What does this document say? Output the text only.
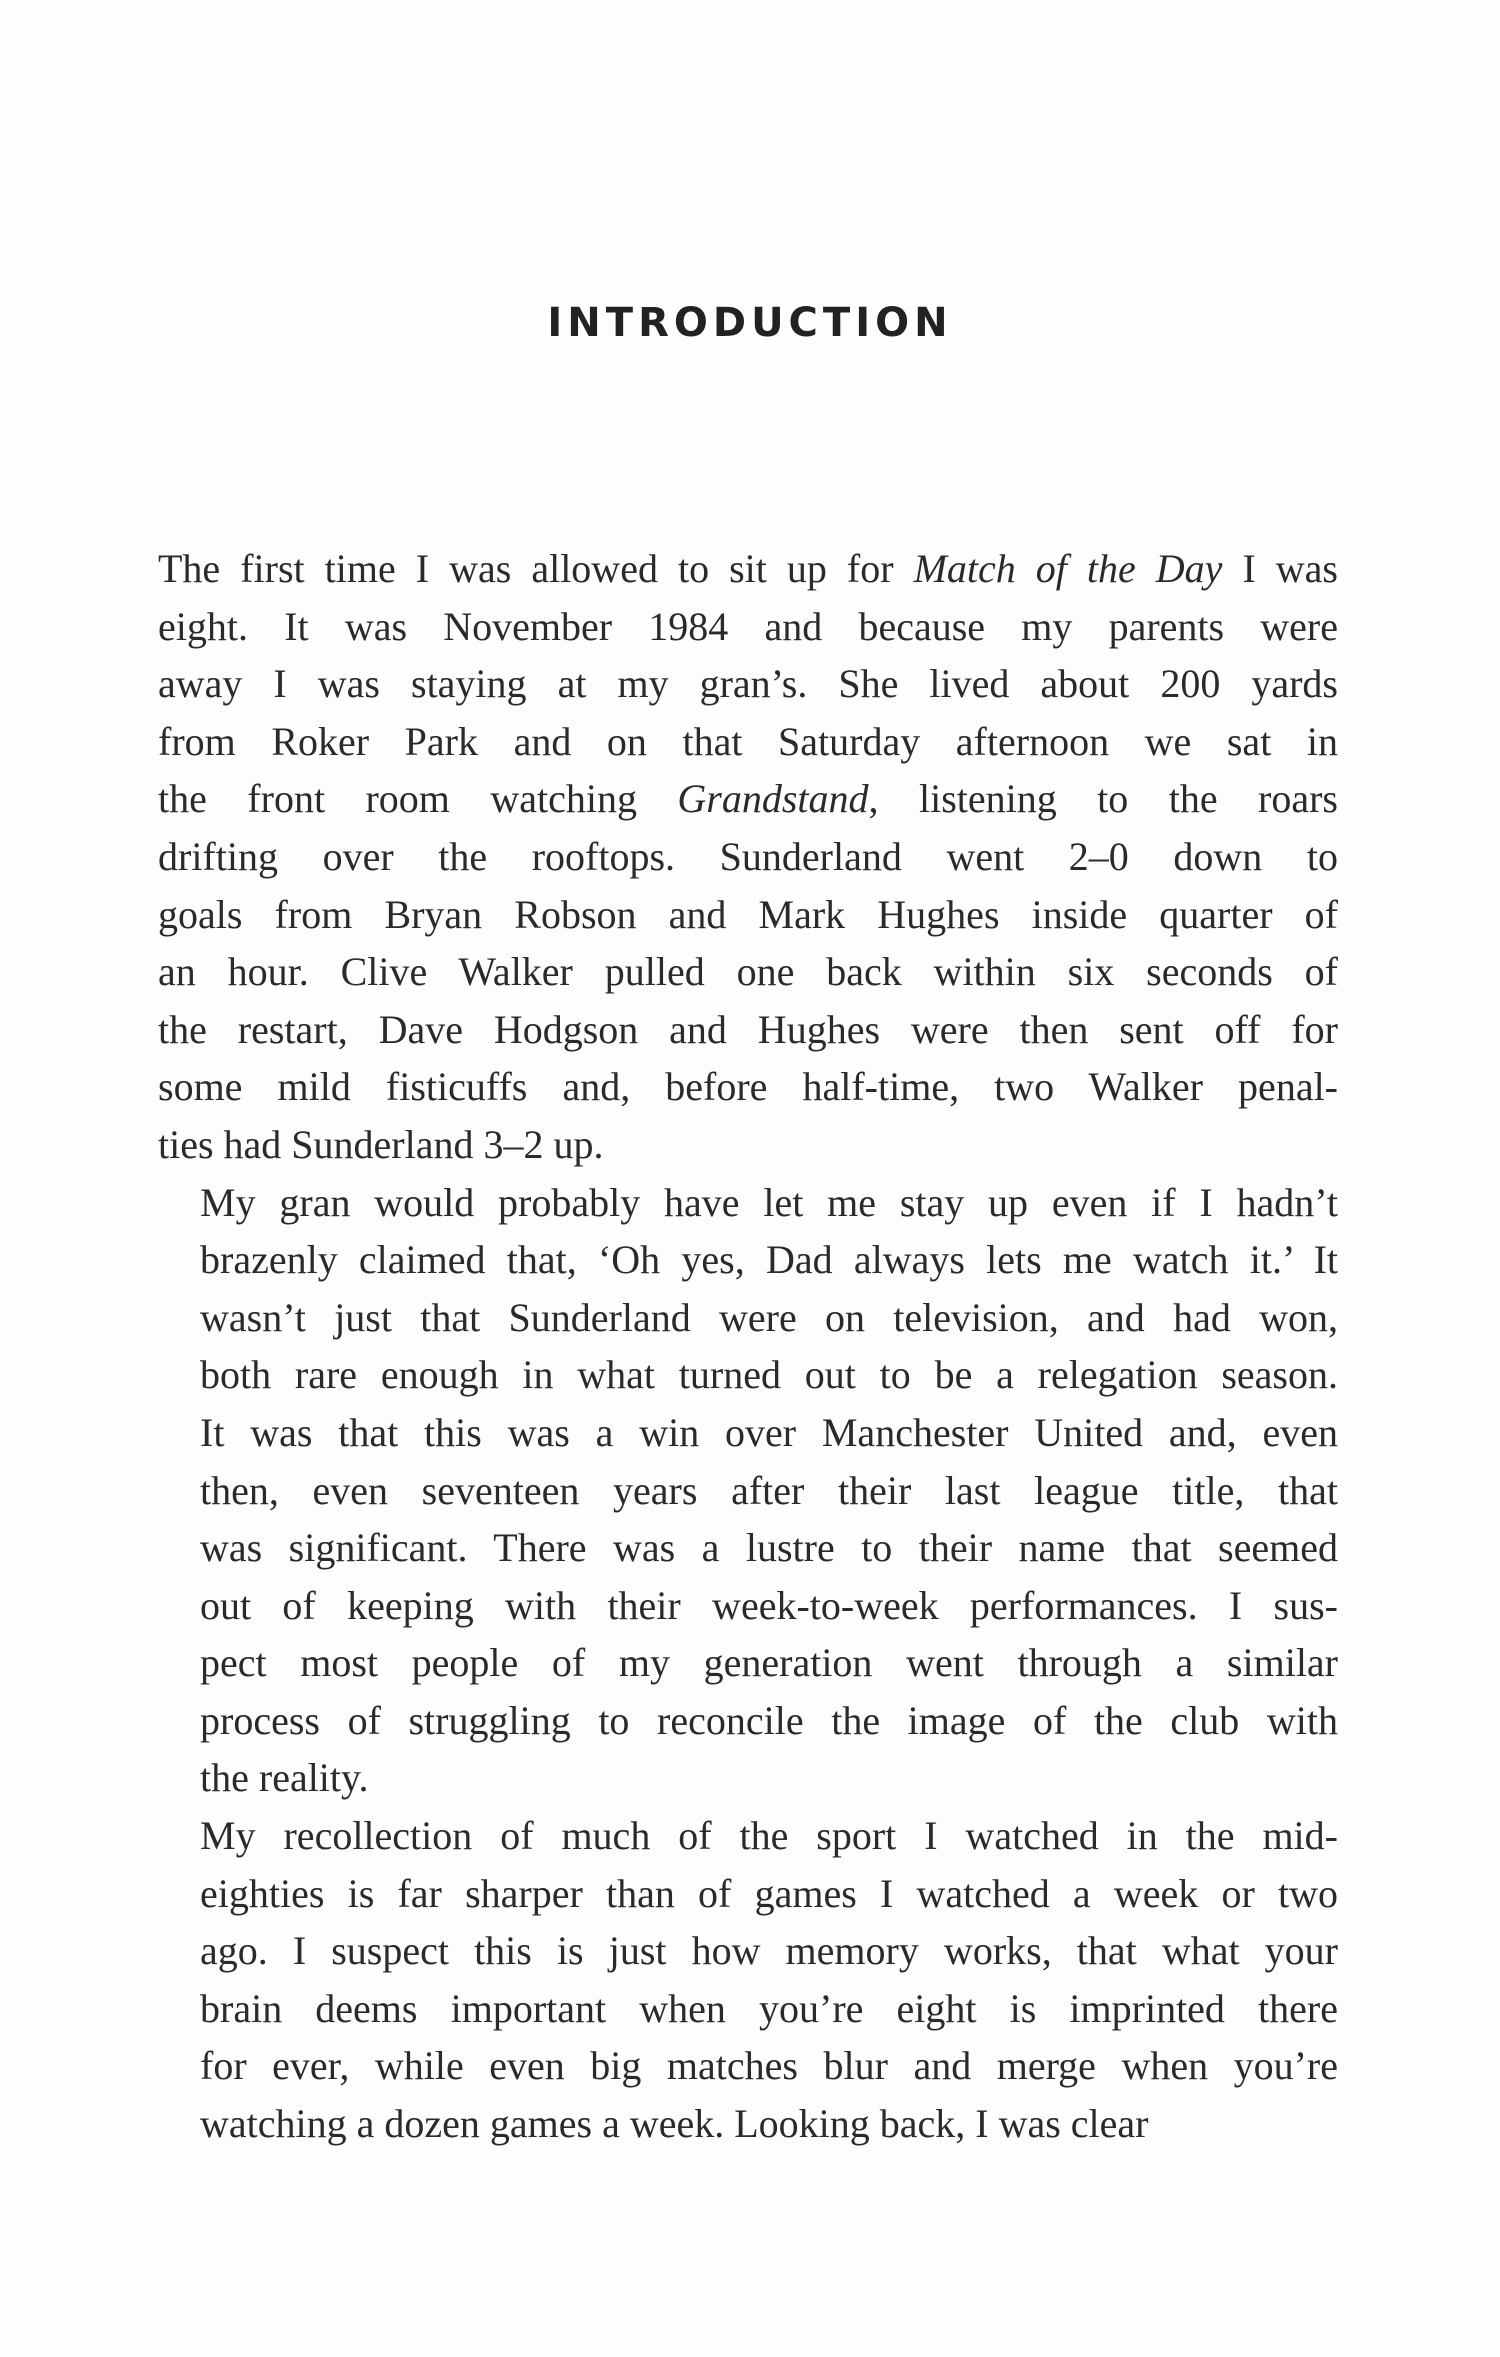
INTRODUCTION

The first time I was allowed to sit up for Match of the Day I was
eight. It was November 1984 and because my parents were
away I was staying at my gran’s. She lived about 200 yards
from Roker Park and on that Saturday afternoon we sat in
the front room watching Grandstand, listening to the roars
drifting over the rooftops. Sunderland went 2–0 down to
goals from Bryan Robson and Mark Hughes inside quarter of
an hour. Clive Walker pulled one back within six seconds of
the restart, Dave Hodgson and Hughes were then sent off for
some mild fisticuffs and, before half-time, two Walker penal-
ties had Sunderland 3–2 up.

My gran would probably have let me stay up even if I hadn’t
brazenly claimed that, ‘Oh yes, Dad always lets me watch it.’ It
wasn’t just that Sunderland were on television, and had won,
both rare enough in what turned out to be a relegation season.
It was that this was a win over Manchester United and, even
then, even seventeen years after their last league title, that
was significant. There was a lustre to their name that seemed
out of keeping with their week-to-week performances. I sus-
pect most people of my generation went through a similar
process of struggling to reconcile the image of the club with
the reality.

My recollection of much of the sport I watched in the mid-
eighties is far sharper than of games I watched a week or two
ago. I suspect this is just how memory works, that what your
brain deems important when you’re eight is imprinted there
for ever, while even big matches blur and merge when you’re
watching a dozen games a week. Looking back, I was clear
